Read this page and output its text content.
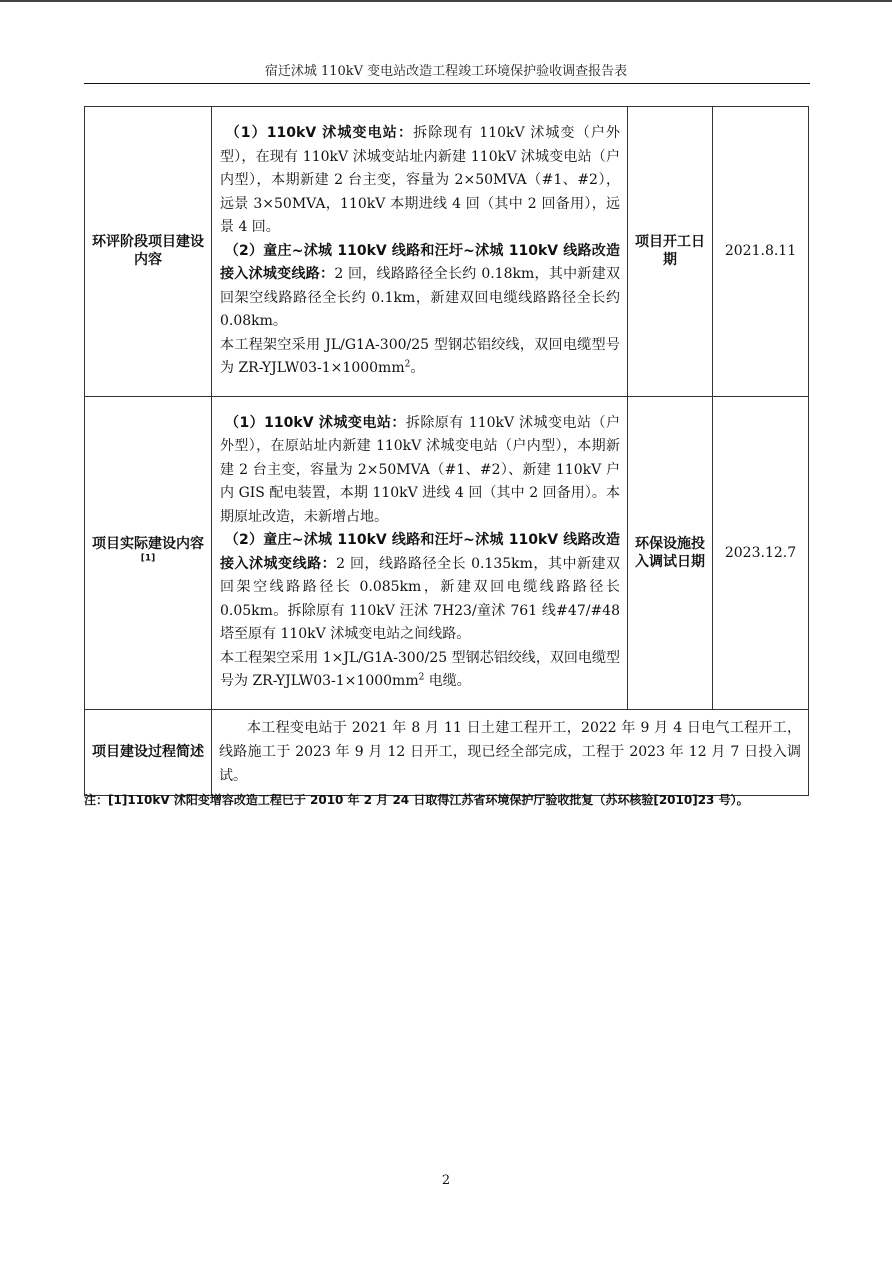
宿迁沭城 110kV 变电站改造工程竣工环境保护验收调查报告表
环评阶段项目建设内容	（1）110kV 沭城变电站：拆除现有 110kV 沭城变（户外型），在现有 110kV 沭城变站址内新建 110kV 沭城变电站（户内型），本期新建 2 台主变，容量为 2×50MVA（#1、#2），远景 3×50MVA，110kV 本期进线 4 回（其中 2 回备用），远景 4 回。

（2）童庄~沭城 110kV 线路和汪圩~沭城 110kV 线路改造接入沭城变线路：2 回，线路路径全长约 0.18km，其中新建双回架空线路路径全长约 0.1km，新建双回电缆线路路径全长约 0.08km。

本工程架空采用 JL/G1A-300/25 型钢芯铝绞线，双回电缆型号为 $ZR-YJLW03-1\times 1000mm^2$。	项目开工日期	2021.8.11
项目实际建设内容[1]	（1）110kV 沭城变电站：拆除原有 110kV 沭城变电站（户外型），在原站址内新建 110kV 沭城变电站（户内型），本期新建 2 台主变，容量为 2×50MVA（#1、#2）、新建 110kV 户内 GIS 配电装置，本期 110kV 进线 4 回（其中 2 回备用）。本期原址改造，未新增占地。

（2）童庄~沭城 110kV 线路和汪圩~沭城 110kV 线路改造接入沭城变线路：2 回，线路路径全长 0.135km，其中新建双回架空线路路径长 0.085km，新建双回电缆线路路径长 0.05km。拆除原有 110kV 汪沭 7H23/童沭 761 线#47/#48 塔至原有 110kV 沭城变电站之间线路。

本工程架空采用 1×JL/G1A-300/25 型钢芯铝绞线，双回电缆型号为 $ZR-YJLW03-1\times 1000mm^2$ 电缆。	环保设施投入调试日期	2023.12.7
项目建设过程简述	本工程变电站于 2021 年 8 月 11 日土建工程开工，2022 年 9 月 4 日电气工程开工，线路施工于 2023 年 9 月 12 日开工，现已经全部完成，工程于 2023 年 12 月 7 日投入调试。		
注：[1]110kV 沭阳变增容改造工程已于 2010 年 2 月 24 日取得江苏省环境保护厅验收批复（苏环核验[2010]23 号）。
2
